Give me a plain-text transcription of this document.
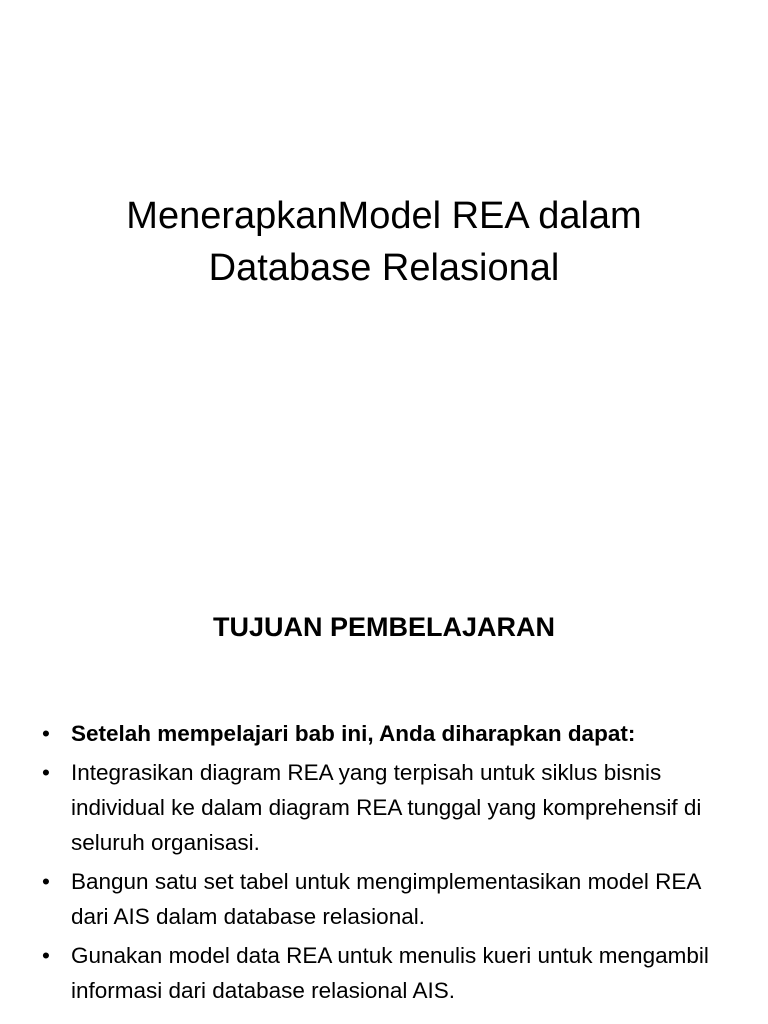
MenerapkanModel REA dalam
Database Relasional
TUJUAN PEMBELAJARAN
• Setelah mempelajari bab ini, Anda diharapkan dapat:
• Integrasikan diagram REA yang terpisah untuk siklus bisnis individual ke dalam diagram REA tunggal yang komprehensif di seluruh organisasi.
• Bangun satu set tabel untuk mengimplementasikan model REA dari AIS dalam database relasional.
• Gunakan model data REA untuk menulis kueri untuk mengambil informasi dari database relasional AIS.
